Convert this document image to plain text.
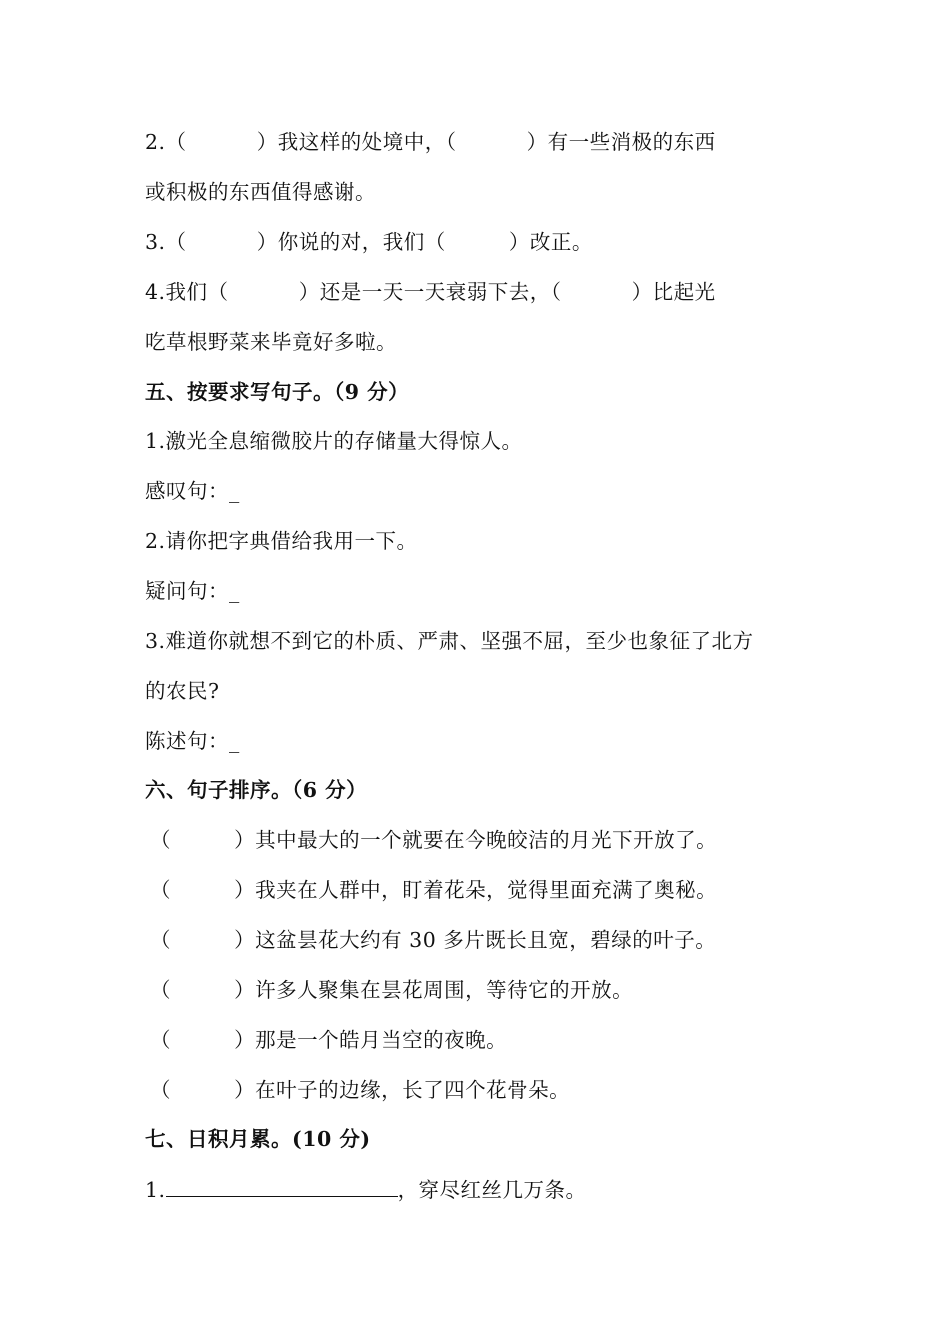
2.（          ）我这样的处境中，（          ）有一些消极的东西
或积极的东西值得感谢。
3.（          ）你说的对，我们（         ）改正。
4.我们（          ）还是一天一天衰弱下去，（          ）比起光
吃草根野菜来毕竟好多啦。
五、按要求写句子。（9 分）
1.激光全息缩微胶片的存储量大得惊人。
感叹句：_
2.请你把字典借给我用一下。
疑问句：_
3.难道你就想不到它的朴质、严肃、坚强不屈，至少也象征了北方
的农民?
陈述句：_
六、句子排序。（6 分）
（         ）其中最大的一个就要在今晚皎洁的月光下开放了。
（         ）我夹在人群中，盯着花朵，觉得里面充满了奥秘。
（         ）这盆昙花大约有 30 多片既长且宽，碧绿的叶子。
（         ）许多人聚集在昙花周围，等待它的开放。
（         ）那是一个皓月当空的夜晚。
（         ）在叶子的边缘，长了四个花骨朵。
七、日积月累。(10 分)
1.	，穿尽红丝几万条。
